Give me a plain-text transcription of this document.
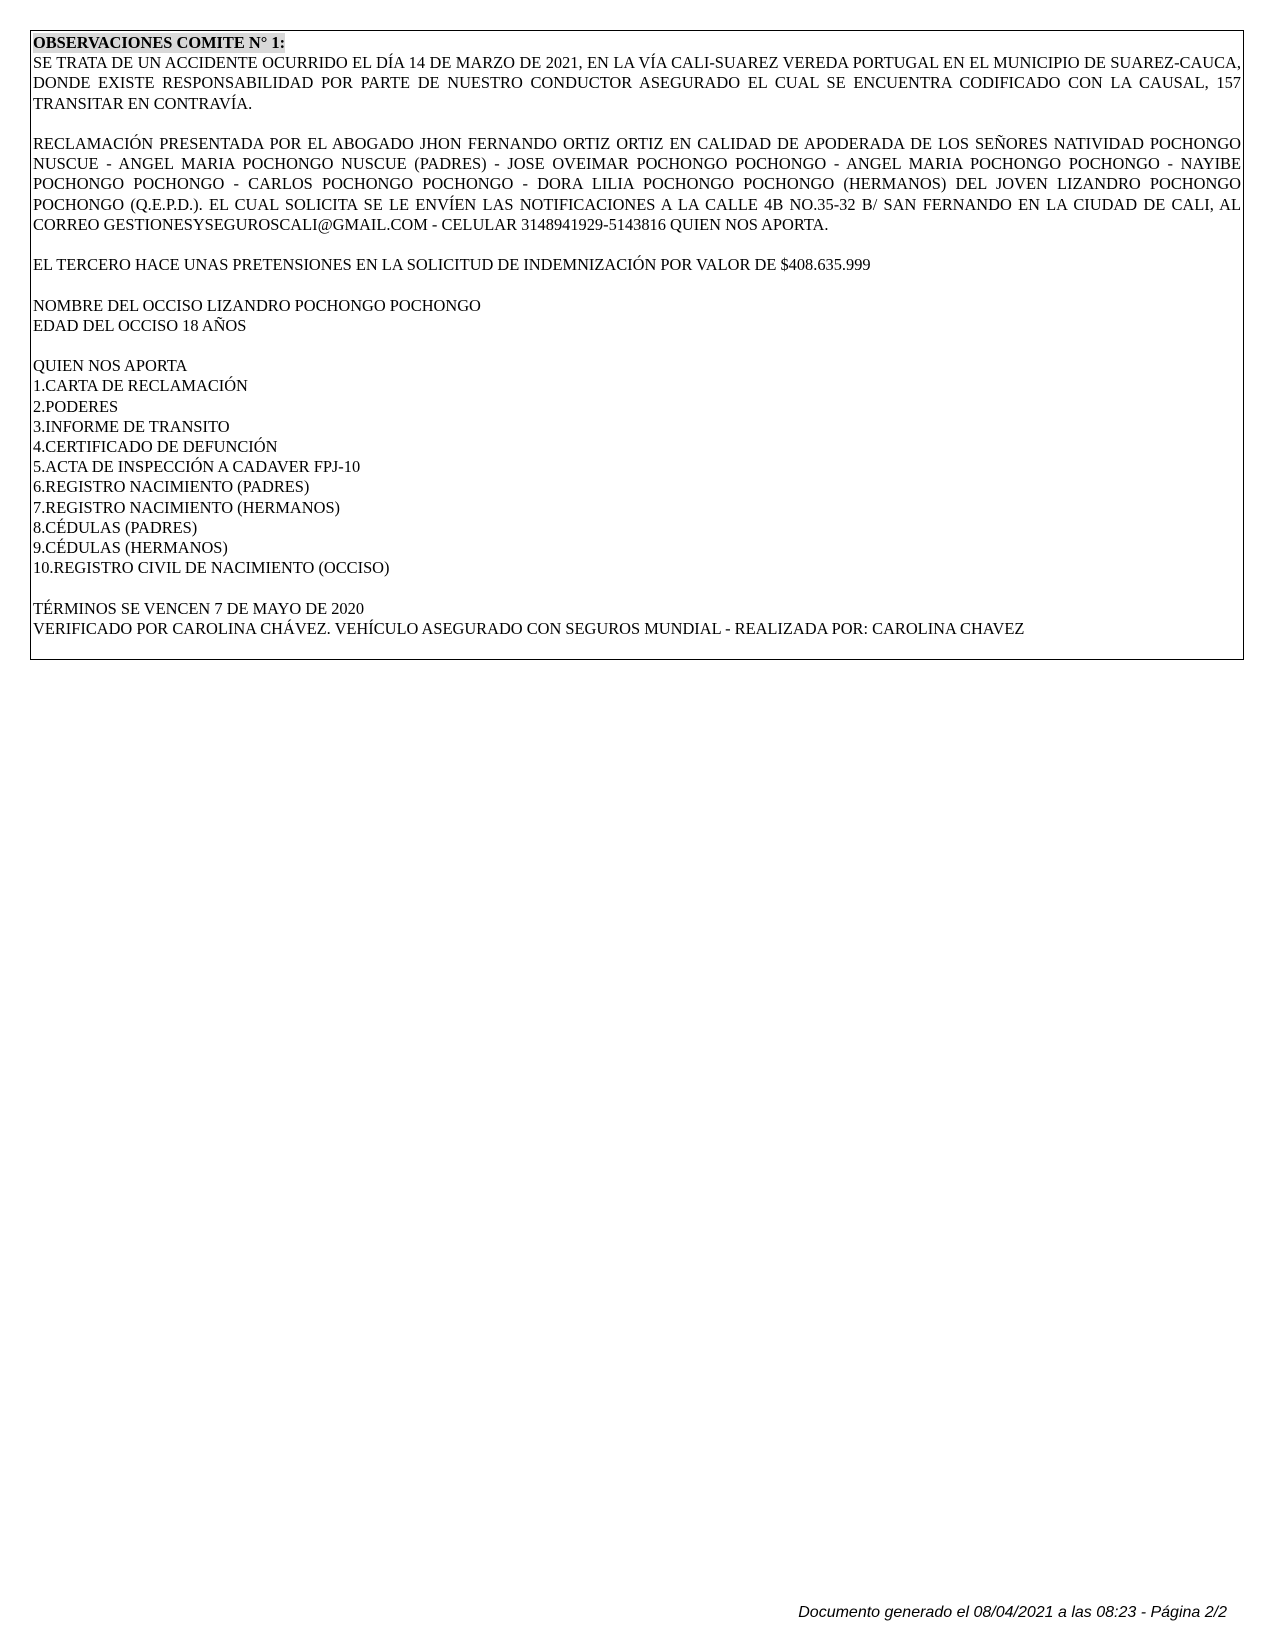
OBSERVACIONES COMITE N° 1:
SE TRATA DE UN ACCIDENTE OCURRIDO EL DÍA 14 DE MARZO DE 2021, EN LA VÍA CALI-SUAREZ VEREDA PORTUGAL EN EL MUNICIPIO DE SUAREZ-CAUCA, DONDE EXISTE RESPONSABILIDAD POR PARTE DE NUESTRO CONDUCTOR ASEGURADO EL CUAL SE ENCUENTRA CODIFICADO CON LA CAUSAL, 157 TRANSITAR EN CONTRAVÍA.
RECLAMACIÓN PRESENTADA POR EL ABOGADO JHON FERNANDO ORTIZ ORTIZ EN CALIDAD DE APODERADA DE LOS SEÑORES NATIVIDAD POCHONGO NUSCUE - ANGEL MARIA POCHONGO NUSCUE (PADRES) - JOSE OVEIMAR POCHONGO POCHONGO - ANGEL MARIA POCHONGO POCHONGO - NAYIBE POCHONGO POCHONGO - CARLOS POCHONGO POCHONGO - DORA LILIA POCHONGO POCHONGO (HERMANOS) DEL JOVEN LIZANDRO POCHONGO POCHONGO (Q.E.P.D.). EL CUAL SOLICITA SE LE ENVÍEN LAS NOTIFICACIONES A LA CALLE 4B NO.35-32 B/ SAN FERNANDO EN LA CIUDAD DE CALI, AL CORREO GESTIONESYSEGUROSCALI@GMAIL.COM - CELULAR 3148941929-5143816 QUIEN NOS APORTA.
EL TERCERO HACE UNAS PRETENSIONES EN LA SOLICITUD DE INDEMNIZACIÓN POR VALOR DE $408.635.999
NOMBRE DEL OCCISO LIZANDRO POCHONGO POCHONGO
EDAD DEL OCCISO 18 AÑOS
QUIEN NOS APORTA
1.CARTA DE RECLAMACIÓN
2.PODERES
3.INFORME DE TRANSITO
4.CERTIFICADO DE DEFUNCIÓN
5.ACTA DE INSPECCIÓN A CADAVER FPJ-10
6.REGISTRO NACIMIENTO (PADRES)
7.REGISTRO NACIMIENTO (HERMANOS)
8.CÉDULAS (PADRES)
9.CÉDULAS (HERMANOS)
10.REGISTRO CIVIL DE NACIMIENTO (OCCISO)
TÉRMINOS SE VENCEN 7 DE MAYO DE 2020
VERIFICADO POR CAROLINA CHÁVEZ. VEHÍCULO ASEGURADO CON SEGUROS MUNDIAL - REALIZADA POR: CAROLINA CHAVEZ
Documento generado el 08/04/2021 a las 08:23 - Página 2/2
